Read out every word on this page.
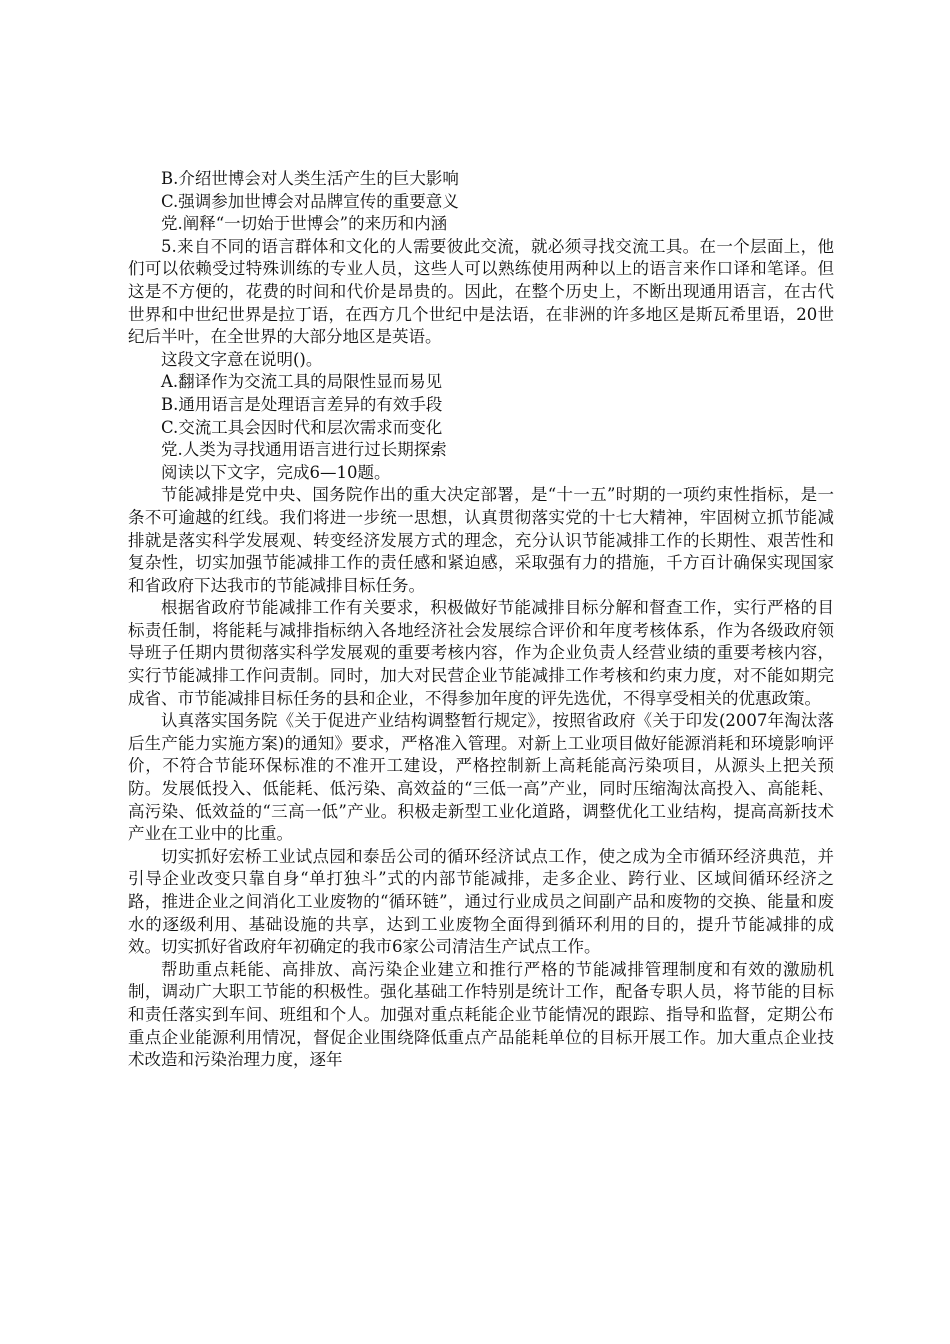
B.介绍世博会对人类生活产生的巨大影响

C.强调参加世博会对品牌宣传的重要意义

党.阐释“一切始于世博会”的来历和内涵

5.来自不同的语言群体和文化的人需要彼此交流，就必须寻找交流工具。在一个层面上，他们可以依赖受过特殊训练的专业人员，这些人可以熟练使用两种以上的语言来作口译和笔译。但这是不方便的，花费的时间和代价是昂贵的。因此，在整个历史上，不断出现通用语言，在古代世界和中世纪世界是拉丁语，在西方几个世纪中是法语，在非洲的许多地区是斯瓦希里语，20世纪后半叶，在全世界的大部分地区是英语。

这段文字意在说明()。

A.翻译作为交流工具的局限性显而易见

B.通用语言是处理语言差异的有效手段

C.交流工具会因时代和层次需求而变化

党.人类为寻找通用语言进行过长期探索

阅读以下文字，完成6—10题。

节能减排是党中央、国务院作出的重大决定部署，是“十一五”时期的一项约束性指标，是一条不可逾越的红线。我们将进一步统一思想，认真贯彻落实党的十七大精神，牢固树立抓节能减排就是落实科学发展观、转变经济发展方式的理念，充分认识节能减排工作的长期性、艰苦性和复杂性，切实加强节能减排工作的责任感和紧迫感，采取强有力的措施，千方百计确保实现国家和省政府下达我市的节能减排目标任务。

根据省政府节能减排工作有关要求，积极做好节能减排目标分解和督查工作，实行严格的目标责任制，将能耗与减排指标纳入各地经济社会发展综合评价和年度考核体系，作为各级政府领导班子任期内贯彻落实科学发展观的重要考核内容，作为企业负责人经营业绩的重要考核内容，实行节能减排工作问责制。同时，加大对民营企业节能减排工作考核和约束力度，对不能如期完成省、市节能减排目标任务的县和企业，不得参加年度的评先选优，不得享受相关的优惠政策。

认真落实国务院《关于促进产业结构调整暂行规定》，按照省政府《关于印发(2007年淘汰落后生产能力实施方案)的通知》要求，严格准入管理。对新上工业项目做好能源消耗和环境影响评价，不符合节能环保标准的不准开工建设，严格控制新上高耗能高污染项目，从源头上把关预防。发展低投入、低能耗、低污染、高效益的“三低一高”产业，同时压缩淘汰高投入、高能耗、高污染、低效益的“三高一低”产业。积极走新型工业化道路，调整优化工业结构，提高高新技术产业在工业中的比重。

切实抓好宏桥工业试点园和泰岳公司的循环经济试点工作，使之成为全市循环经济典范，并引导企业改变只靠自身“单打独斗”式的内部节能减排，走多企业、跨行业、区域间循环经济之路，推进企业之间消化工业废物的“循环链”，通过行业成员之间副产品和废物的交换、能量和废水的逐级利用、基础设施的共享，达到工业废物全面得到循环利用的目的，提升节能减排的成效。切实抓好省政府年初确定的我市6家公司清洁生产试点工作。

帮助重点耗能、高排放、高污染企业建立和推行严格的节能减排管理制度和有效的激励机制，调动广大职工节能的积极性。强化基础工作特别是统计工作，配备专职人员，将节能的目标和责任落实到车间、班组和个人。加强对重点耗能企业节能情况的跟踪、指导和监督，定期公布重点企业能源利用情况，督促企业围绕降低重点产品能耗单位的目标开展工作。加大重点企业技术改造和污染治理力度，逐年
